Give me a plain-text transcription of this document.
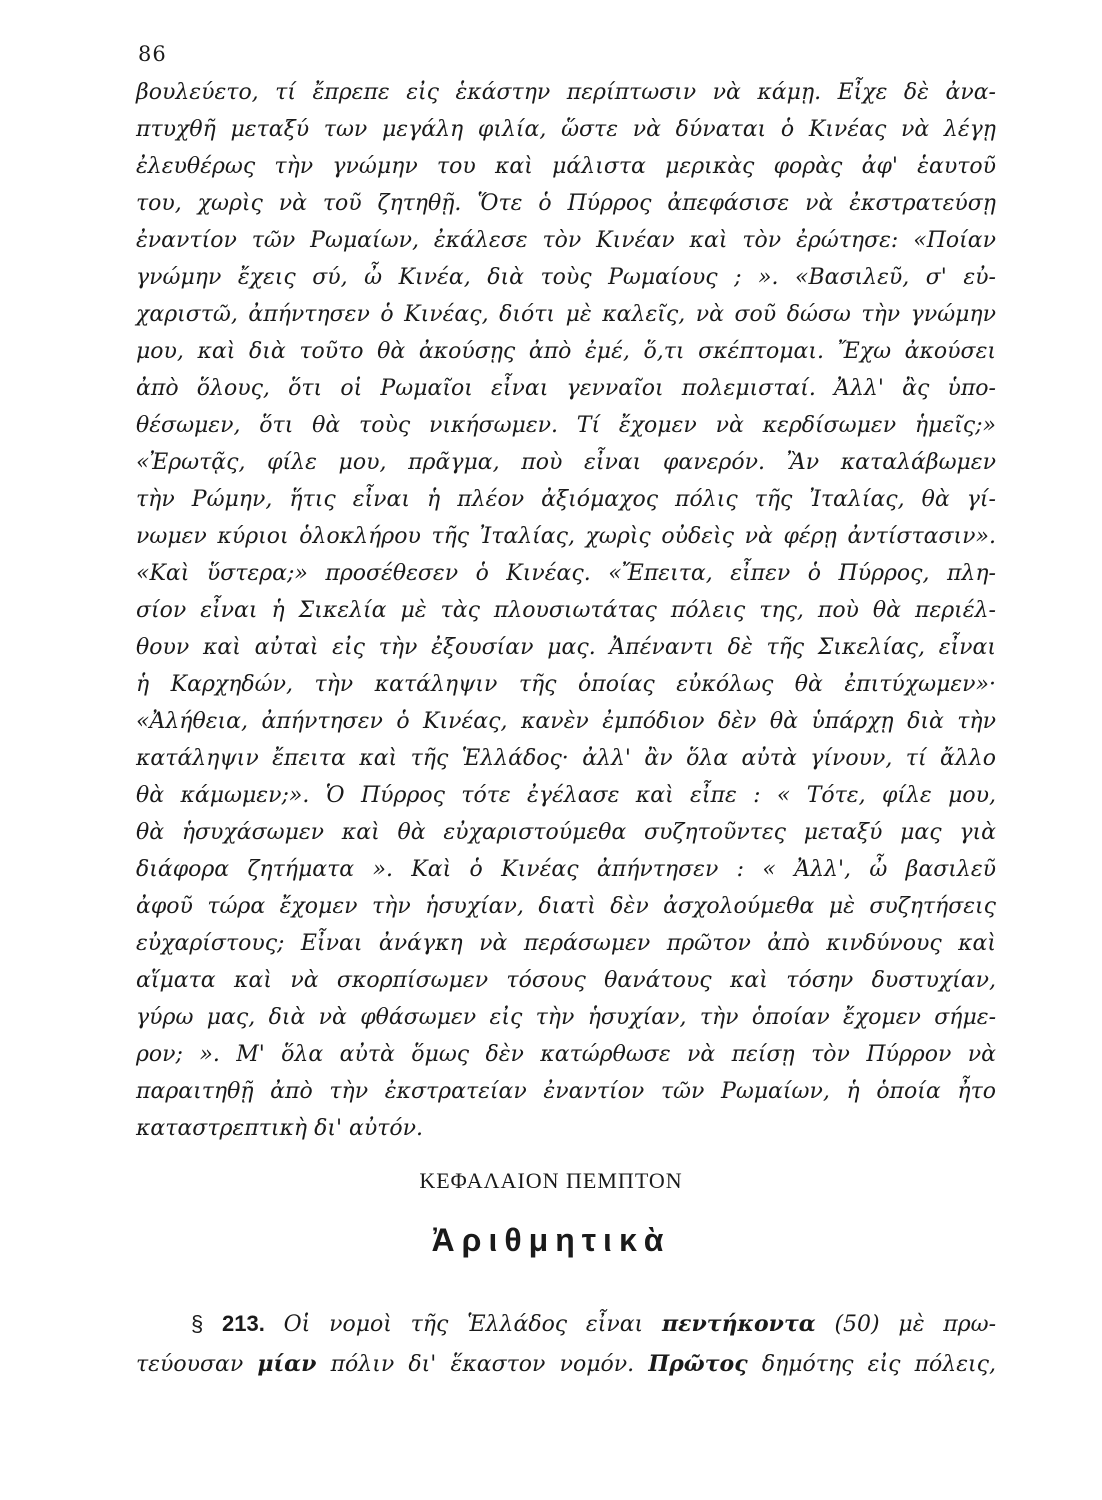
86
βουλεύετο, τί ἔπρεπε εἰς ἑκάστην περίπτωσιν νὰ κάμῃ. Εἶχε δὲ ἀνα-
πτυχθῆ μεταξύ των μεγάλη φιλία, ὥστε νὰ δύναται ὁ Κινέας νὰ λέγῃ
ἐλευθέρως τὴν γνώμην του καὶ μάλιστα μερικὰς φορὰς ἀφ' ἑαυτοῦ
του, χωρὶς νὰ τοῦ ζητηθῇ. Ὅτε ὁ Πύρρος ἀπεφάσισε νὰ ἐκστρατεύσῃ
ἐναντίον τῶν Ρωμαίων, ἐκάλεσε τὸν Κινέαν καὶ τὸν ἐρώτησε: «Ποίαν
γνώμην ἔχεις σύ, ὦ Κινέα, διὰ τοὺς Ρωμαίους ; ». «Βασιλεῦ, σ' εὐ-
χαριστῶ, ἀπήντησεν ὁ Κινέας, διότι μὲ καλεῖς, νὰ σοῦ δώσω τὴν γνώμην
μου, καὶ διὰ τοῦτο θὰ ἀκούσῃς ἀπὸ ἐμέ, ὅ,τι σκέπτομαι. Ἔχω ἀκούσει
ἀπὸ ὅλους, ὅτι οἱ Ρωμαῖοι εἶναι γενναῖοι πολεμισταί. Ἀλλ' ἂς ὑπο-
θέσωμεν, ὅτι θὰ τοὺς νικήσωμεν. Τί ἔχομεν νὰ κερδίσωμεν ἡμεῖς;»
«Ἐρωτᾷς, φίλε μου, πρᾶγμα, ποὺ εἶναι φανερόν. Ἂν καταλάβωμεν
τὴν Ρώμην, ἥτις εἶναι ἡ πλέον ἀξιόμαχος πόλις τῆς Ἰταλίας, θὰ γί-
νωμεν κύριοι ὁλοκλήρου τῆς Ἰταλίας, χωρὶς οὐδεὶς νὰ φέρῃ ἀντίστασιν».
«Καὶ ὕστερα;» προσέθεσεν ὁ Κινέας. «Ἔπειτα, εἶπεν ὁ Πύρρος, πλη-
σίον εἶναι ἡ Σικελία μὲ τὰς πλουσιωτάτας πόλεις της, ποὺ θὰ περιέλ-
θουν καὶ αὐταὶ εἰς τὴν ἐξουσίαν μας. Ἀπέναντι δὲ τῆς Σικελίας, εἶναι
ἡ Καρχηδών, τὴν κατάληψιν τῆς ὁποίας εὐκόλως θὰ ἐπιτύχωμεν»·
«Ἀλήθεια, ἀπήντησεν ὁ Κινέας, κανὲν ἐμπόδιον δὲν θὰ ὑπάρχῃ διὰ τὴν
κατάληψιν ἔπειτα καὶ τῆς Ἑλλάδος· ἀλλ' ἂν ὅλα αὐτὰ γίνουν, τί ἄλλο
θὰ κάμωμεν;». Ὁ Πύρρος τότε ἐγέλασε καὶ εἶπε : « Τότε, φίλε μου,
θὰ ἡσυχάσωμεν καὶ θὰ εὐχαριστούμεθα συζητοῦντες μεταξύ μας γιὰ
διάφορα ζητήματα ». Καὶ ὁ Κινέας ἀπήντησεν : « Ἀλλ', ὦ βασιλεῦ
ἀφοῦ τώρα ἔχομεν τὴν ἡσυχίαν, διατὶ δὲν ἀσχολούμεθα μὲ συζητήσεις
εὐχαρίστους; Εἶναι ἀνάγκη νὰ περάσωμεν πρῶτον ἀπὸ κινδύνους καὶ
αἵματα καὶ νὰ σκορπίσωμεν τόσους θανάτους καὶ τόσην δυστυχίαν,
γύρω μας, διὰ νὰ φθάσωμεν εἰς τὴν ἡσυχίαν, τὴν ὁποίαν ἔχομεν σήμε-
ρον; ». Μ' ὅλα αὐτὰ ὅμως δὲν κατώρθωσε νὰ πείσῃ τὸν Πύρρον νὰ
παραιτηθῇ ἀπὸ τὴν ἐκστρατείαν ἐναντίον τῶν Ρωμαίων, ἡ ὁποία ἦτο
καταστρεπτικὴ δι' αὐτόν.
ΚΕΦΑΛΑΙΟΝ ΠΕΜΠΤΟΝ
Ἀριθμητικὰ
§ 213. Οἱ νομοὶ τῆς Ἑλλάδος εἶναι πεντήκοντα (50) μὲ πρω-
τεύουσαν μίαν πόλιν δι' ἕκαστον νομόν. Πρῶτος δημότης εἰς πόλεις,
